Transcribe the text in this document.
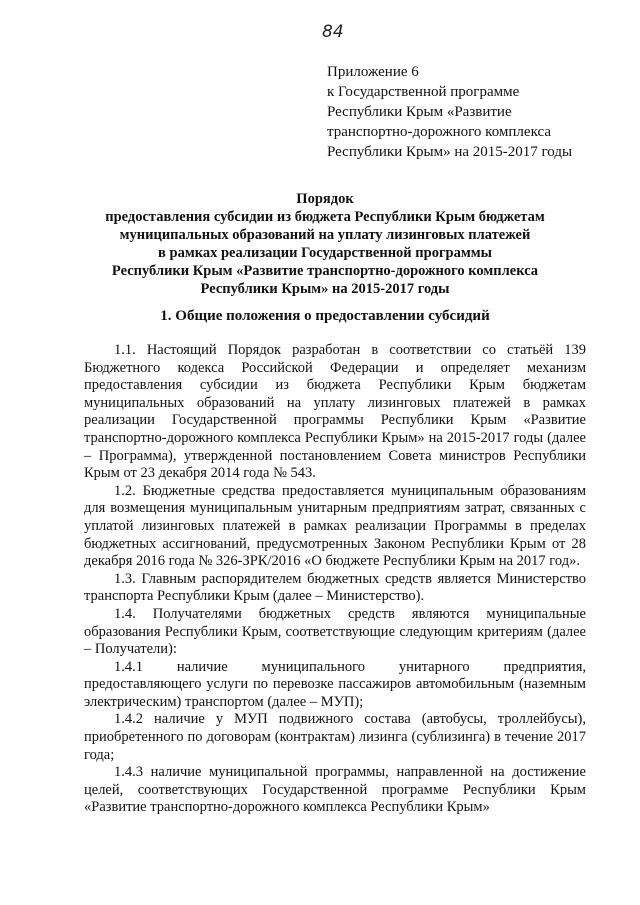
84
Приложение 6
к Государственной программе
Республики Крым «Развитие
транспортно-дорожного комплекса
Республики Крым» на 2015-2017 годы
Порядок
предоставления субсидии из бюджета Республики Крым бюджетам
муниципальных образований на уплату лизинговых платежей
в рамках реализации Государственной программы
Республики Крым «Развитие транспортно-дорожного комплекса
Республики Крым» на 2015-2017 годы
1. Общие положения о предоставлении субсидий

1.1. Настоящий Порядок разработан в соответствии со статьёй 139 Бюджетного кодекса Российской Федерации и определяет механизм предоставления субсидии из бюджета Республики Крым бюджетам муниципальных образований на уплату лизинговых платежей в рамках реализации Государственной программы Республики Крым «Развитие транспортно-дорожного комплекса Республики Крым» на 2015-2017 годы (далее – Программа), утвержденной постановлением Совета министров Республики Крым от 23 декабря 2014 года № 543.

1.2. Бюджетные средства предоставляется муниципальным образованиям для возмещения муниципальным унитарным предприятиям затрат, связанных с уплатой лизинговых платежей в рамках реализации Программы в пределах бюджетных ассигнований, предусмотренных Законом Республики Крым от 28 декабря 2016 года № 326-ЗРК/2016 «О бюджете Республики Крым на 2017 год».

1.3. Главным распорядителем бюджетных средств является Министерство транспорта Республики Крым (далее – Министерство).

1.4. Получателями бюджетных средств являются муниципальные образования Республики Крым, соответствующие следующим критериям (далее – Получатели):

1.4.1 наличие муниципального унитарного предприятия, предоставляющего услуги по перевозке пассажиров автомобильным (наземным электрическим) транспортом (далее – МУП);

1.4.2 наличие у МУП подвижного состава (автобусы, троллейбусы), приобретенного по договорам (контрактам) лизинга (сублизинга) в течение 2017 года;

1.4.3 наличие муниципальной программы, направленной на достижение целей, соответствующих Государственной программе Республики Крым «Развитие транспортно-дорожного комплекса Республики Крым»
